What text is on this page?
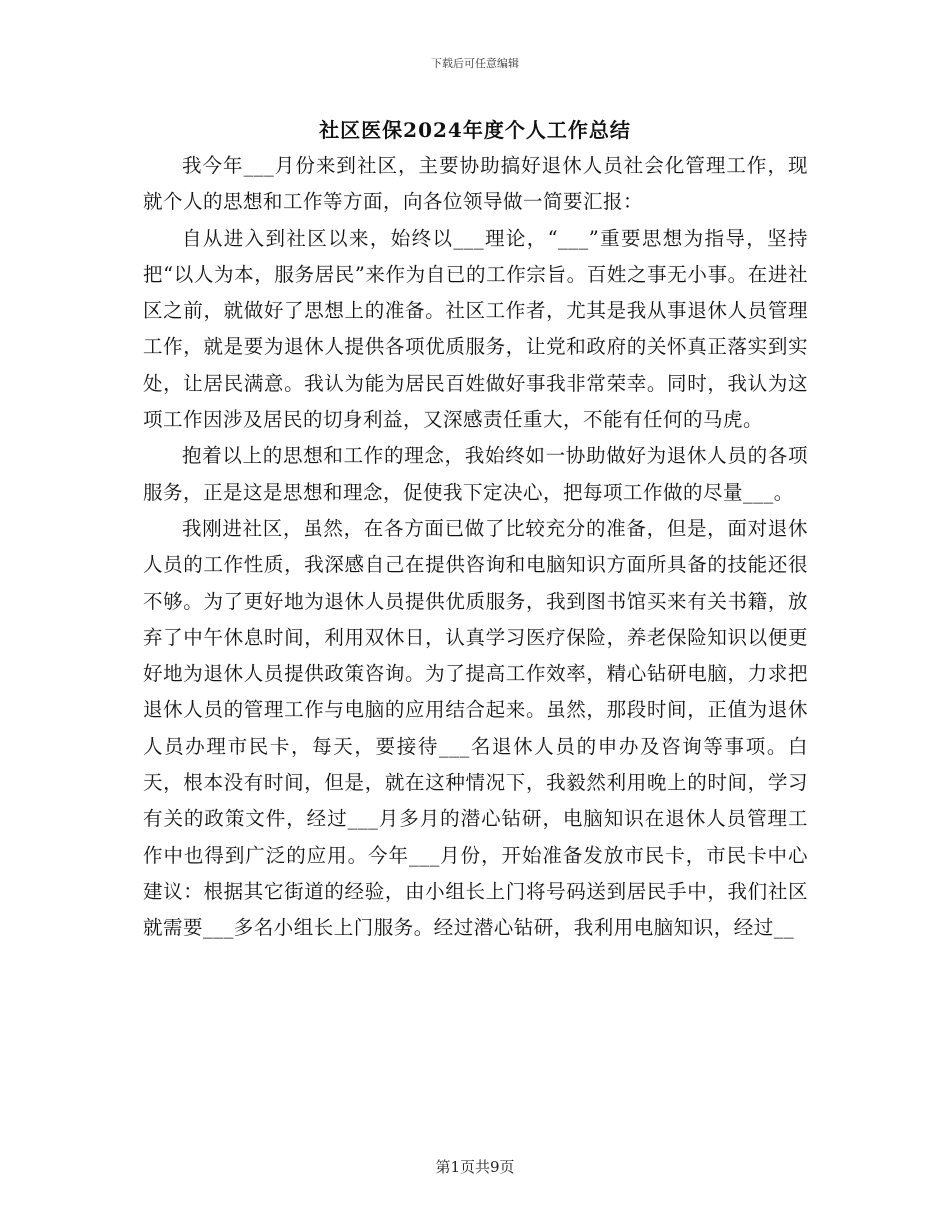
下载后可任意编辑
社区医保2024年度个人工作总结

我今年___月份来到社区，主要协助搞好退休人员社会化管理工作，现就个人的思想和工作等方面，向各位领导做一简要汇报：

自从进入到社区以来，始终以___理论，“___”重要思想为指导，坚持把“以人为本，服务居民”来作为自已的工作宗旨。百姓之事无小事。在进社区之前，就做好了思想上的准备。社区工作者，尤其是我从事退休人员管理工作，就是要为退休人提供各项优质服务，让党和政府的关怀真正落实到实处，让居民满意。我认为能为居民百姓做好事我非常荣幸。同时，我认为这项工作因涉及居民的切身利益，又深感责任重大，不能有任何的马虎。

抱着以上的思想和工作的理念，我始终如一协助做好为退休人员的各项服务，正是这是思想和理念，促使我下定决心，把每项工作做的尽量___。

我刚进社区，虽然，在各方面已做了比较充分的准备，但是，面对退休人员的工作性质，我深感自己在提供咨询和电脑知识方面所具备的技能还很不够。为了更好地为退休人员提供优质服务，我到图书馆买来有关书籍，放弃了中午休息时间，利用双休日，认真学习医疗保险，养老保险知识以便更好地为退休人员提供政策咨询。为了提高工作效率，精心钻研电脑，力求把退休人员的管理工作与电脑的应用结合起来。虽然，那段时间，正值为退休人员办理市民卡，每天，要接待___名退休人员的申办及咨询等事项。白天，根本没有时间，但是，就在这种情况下，我毅然利用晚上的时间，学习有关的政策文件，经过___月多月的潜心钻研，电脑知识在退休人员管理工作中也得到广泛的应用。今年___月份，开始准备发放市民卡，市民卡中心建议：根据其它街道的经验，由小组长上门将号码送到居民手中，我们社区就需要___多名小组长上门服务。经过潜心钻研，我利用电脑知识，经过__

第1页共9页
